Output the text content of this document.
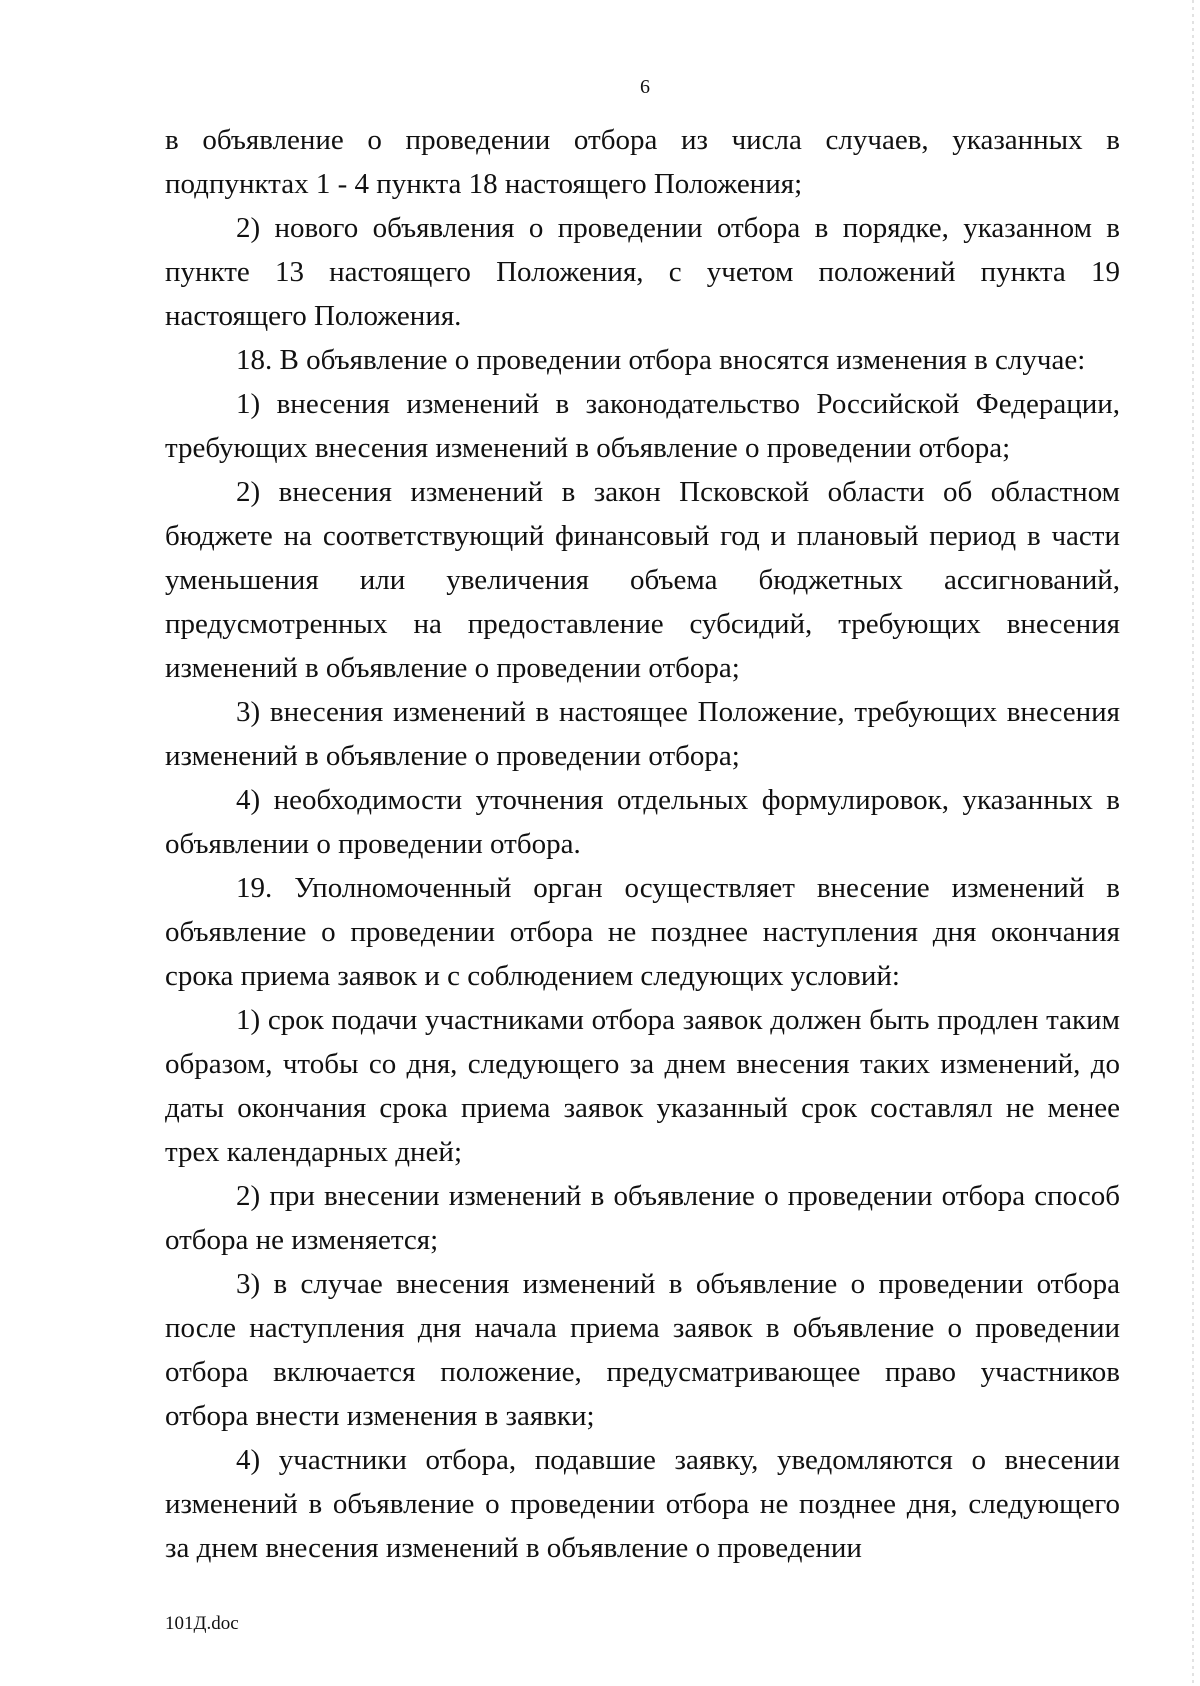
6

в объявление о проведении отбора из числа случаев, указанных в подпунктах 1 - 4 пункта 18 настоящего Положения;

2) нового объявления о проведении отбора в порядке, указанном в пункте 13 настоящего Положения, с учетом положений пункта 19 настоящего Положения.

18. В объявление о проведении отбора вносятся изменения в случае:

1) внесения изменений в законодательство Российской Федерации, требующих внесения изменений в объявление о проведении отбора;

2) внесения изменений в закон Псковской области об областном бюджете на соответствующий финансовый год и плановый период в части уменьшения или увеличения объема бюджетных ассигнований, предусмотренных на предоставление субсидий, требующих внесения изменений в объявление о проведении отбора;

3) внесения изменений в настоящее Положение, требующих внесения изменений в объявление о проведении отбора;

4) необходимости уточнения отдельных формулировок, указанных в объявлении о проведении отбора.

19. Уполномоченный орган осуществляет внесение изменений в объявление о проведении отбора не позднее наступления дня окончания срока приема заявок и с соблюдением следующих условий:

1) срок подачи участниками отбора заявок должен быть продлен таким образом, чтобы со дня, следующего за днем внесения таких изменений, до даты окончания срока приема заявок указанный срок составлял не менее трех календарных дней;

2) при внесении изменений в объявление о проведении отбора способ отбора не изменяется;

3) в случае внесения изменений в объявление о проведении отбора после наступления дня начала приема заявок в объявление о проведении отбора включается положение, предусматривающее право участников отбора внести изменения в заявки;

4) участники отбора, подавшие заявку, уведомляются о внесении изменений в объявление о проведении отбора не позднее дня, следующего за днем внесения изменений в объявление о проведении

101Д.doc
